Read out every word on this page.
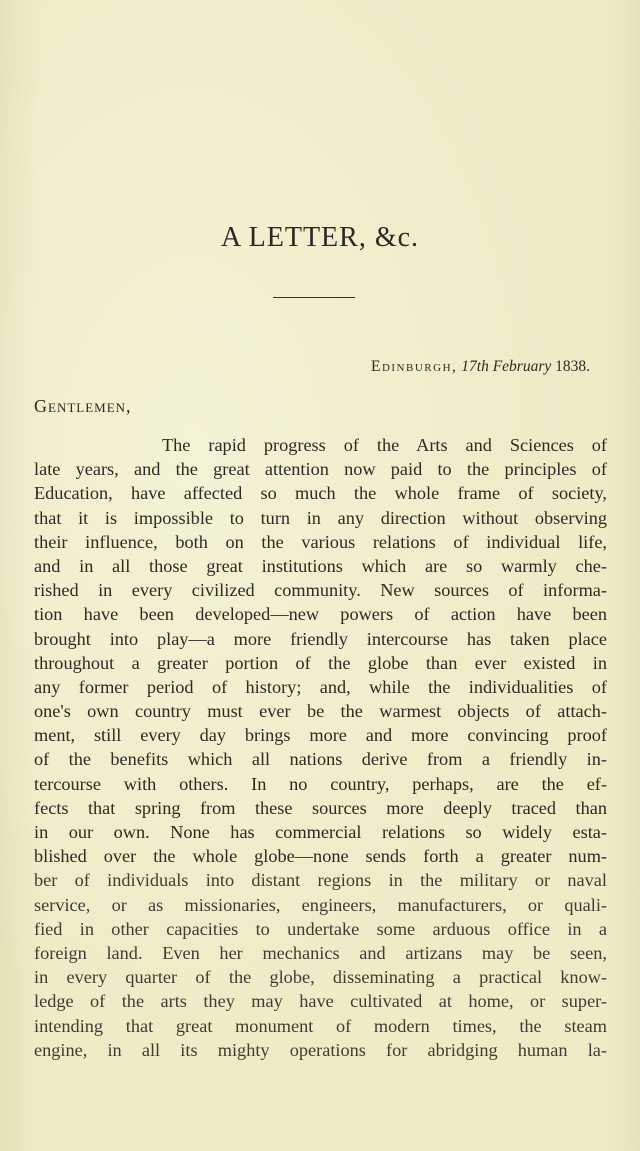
A LETTER, &c.
Edinburgh, 17th February 1838.
Gentlemen,
The rapid progress of the Arts and Sciences of
late years, and the great attention now paid to the principles of
Education, have affected so much the whole frame of society,
that it is impossible to turn in any direction without observing
their influence, both on the various relations of individual life,
and in all those great institutions which are so warmly che-
rished in every civilized community. New sources of informa-
tion have been developed—new powers of action have been
brought into play—a more friendly intercourse has taken place
throughout a greater portion of the globe than ever existed in
any former period of history; and, while the individualities of
one's own country must ever be the warmest objects of attach-
ment, still every day brings more and more convincing proof
of the benefits which all nations derive from a friendly in-
tercourse with others. In no country, perhaps, are the ef-
fects that spring from these sources more deeply traced than
in our own. None has commercial relations so widely esta-
blished over the whole globe—none sends forth a greater num-
ber of individuals into distant regions in the military or naval
service, or as missionaries, engineers, manufacturers, or quali-
fied in other capacities to undertake some arduous office in a
foreign land. Even her mechanics and artizans may be seen,
in every quarter of the globe, disseminating a practical know-
ledge of the arts they may have cultivated at home, or super-
intending that great monument of modern times, the steam
engine, in all its mighty operations for abridging human la-
